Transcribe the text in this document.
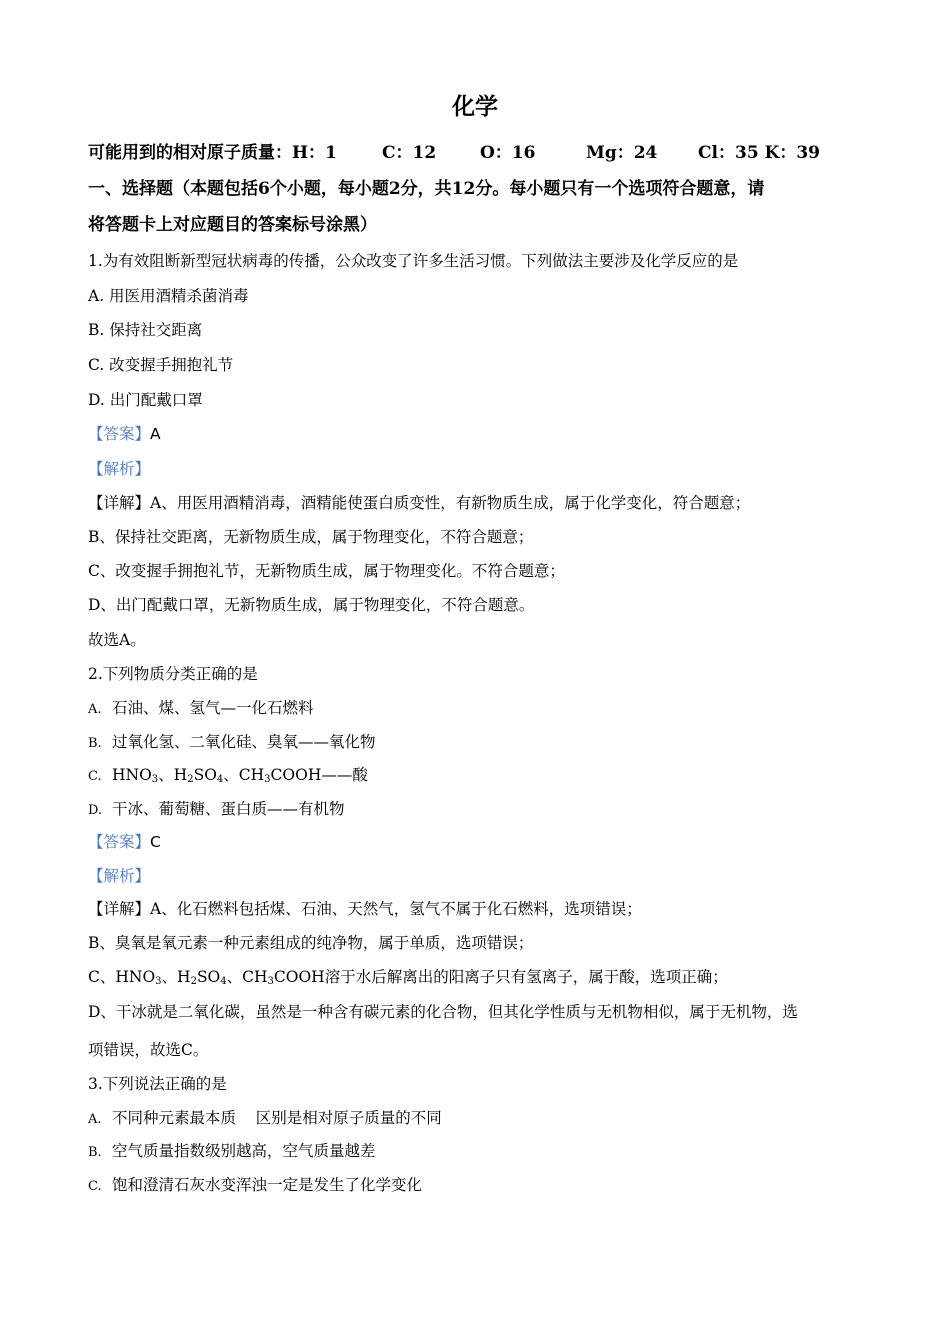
化学
可能用到的相对原子质量：H：1	C：12	O：16	Mg：24 Cl：35 K：39
一、选择题（本题包括6个小题，每小题2分，共12分。每小题只有一个选项符合题意，请
将答题卡上对应题目的答案标号涂黑）
1.为有效阻断新型冠状病毒的传播，公众改变了许多生活习惯。下列做法主要涉及化学反应的是
A. 用医用酒精杀菌消毒
B. 保持社交距离
C. 改变握手拥抱礼节
D. 出门配戴口罩
【答案】A
【解析】
【详解】A、用医用酒精消毒，酒精能使蛋白质变性，有新物质生成，属于化学变化，符合题意；
B、保持社交距离，无新物质生成，属于物理变化，不符合题意；
C、改变握手拥抱礼节，无新物质生成，属于物理变化。不符合题意；
D、出门配戴口罩，无新物质生成，属于物理变化，不符合题意。
故选A。
2.下列物质分类正确的是
A. 石油、煤、氢气—一化石燃料
B. 过氧化氢、二氧化硅、臭氧——氧化物
C. $HNO_3$、$H_2SO_4$、$CH_3COOH——$酸
D. 干冰、葡萄糖、蛋白质——有机物
【答案】C
【解析】
【详解】A、化石燃料包括煤、石油、天然气，氢气不属于化石燃料，选项错误；
B、臭氧是氧元素一种元素组成的纯净物，属于单质，选项错误；
C、$HNO_3$、$H_2SO_4$、$CH_3COOH$溶于水后解离出的阳离子只有氢离子，属于酸，选项正确；
D、干冰就是二氧化碳，虽然是一种含有碳元素的化合物，但其化学性质与无机物相似，属于无机物，选
项错误，故选C。
3.下列说法正确的是
A. 不同种元素最本质    区别是相对原子质量的不同
B. 空气质量指数级别越高，空气质量越差
C. 饱和澄清石灰水变浑浊一定是发生了化学变化
